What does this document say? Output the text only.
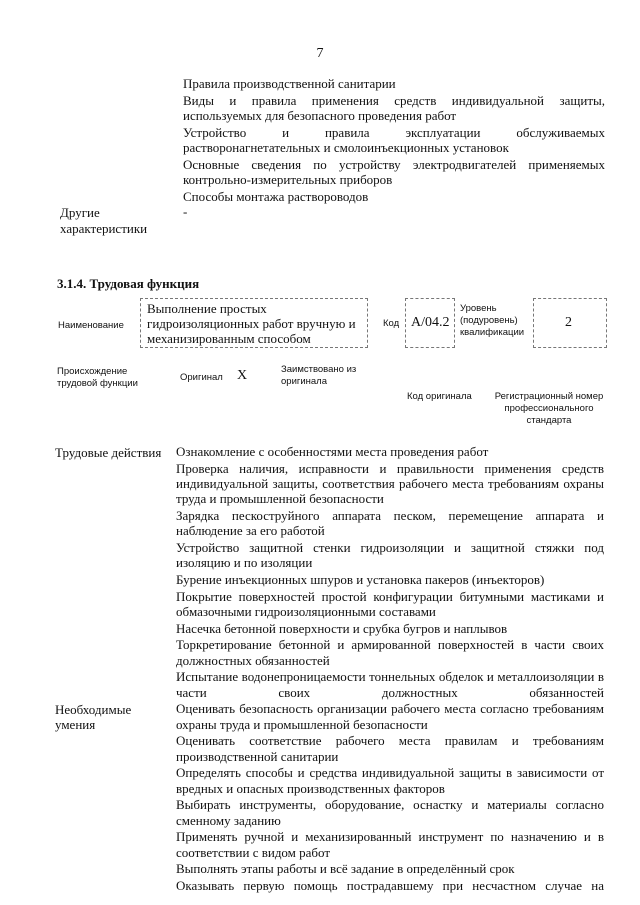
7

Правила производственной санитарии

Виды и правила применения средств индивидуальной защиты, используемых для безопасного проведения работ

Устройство и правила эксплуатации обслуживаемых растворонагнетательных и смолоинъекционных установок

Основные сведения по устройству электродвигателей применяемых контрольно-измерительных приборов

Способы монтажа раствороводов

Другие характеристики
-
3.1.4. Трудовая функция
Наименование
Выполнение простых гидроизоляционных работ вручную и механизированным способом
Код А/04.2
Уровень (подуровень) квалификации
2
Происхождение трудовой функции
Оригинал X	Заимствовано из оригинала
Код оригинала	Регистрационный номер профессионального стандарта
Трудовые действия Ознакомление с особенностями места проведения работ

Проверка наличия, исправности и правильности применения средств индивидуальной защиты, соответствия рабочего места требованиям охраны труда и промышленной безопасности

Зарядка пескоструйного аппарата песком, перемещение аппарата и наблюдение за его работой

Устройство защитной стенки гидроизоляции и защитной стяжки под изоляцию и по изоляции

Бурение инъекционных шпуров и установка пакеров (инъекторов)

Покрытие поверхностей простой конфигурации битумными мастиками и обмазочными гидроизоляционными составами

Насечка бетонной поверхности и срубка бугров и наплывов

Торкретирование бетонной и армированной поверхностей в части своих должностных обязанностей

Испытание водонепроницаемости тоннельных обделок и металлоизоляции в части своих должностных обязанностей

Необходимые умения

Оценивать безопасность организации рабочего места согласно требованиям охраны труда и промышленной безопасности

Оценивать соответствие рабочего места правилам и требованиям производственной санитарии

Определять способы и средства индивидуальной защиты в зависимости от вредных и опасных производственных факторов

Выбирать инструменты, оборудование, оснастку и материалы согласно сменному заданию

Применять ручной и механизированный инструмент по назначению и в соответствии с видом работ

Выполнять этапы работы и всё задание в определённый срок

Оказывать первую помощь пострадавшему при несчастном случае на
